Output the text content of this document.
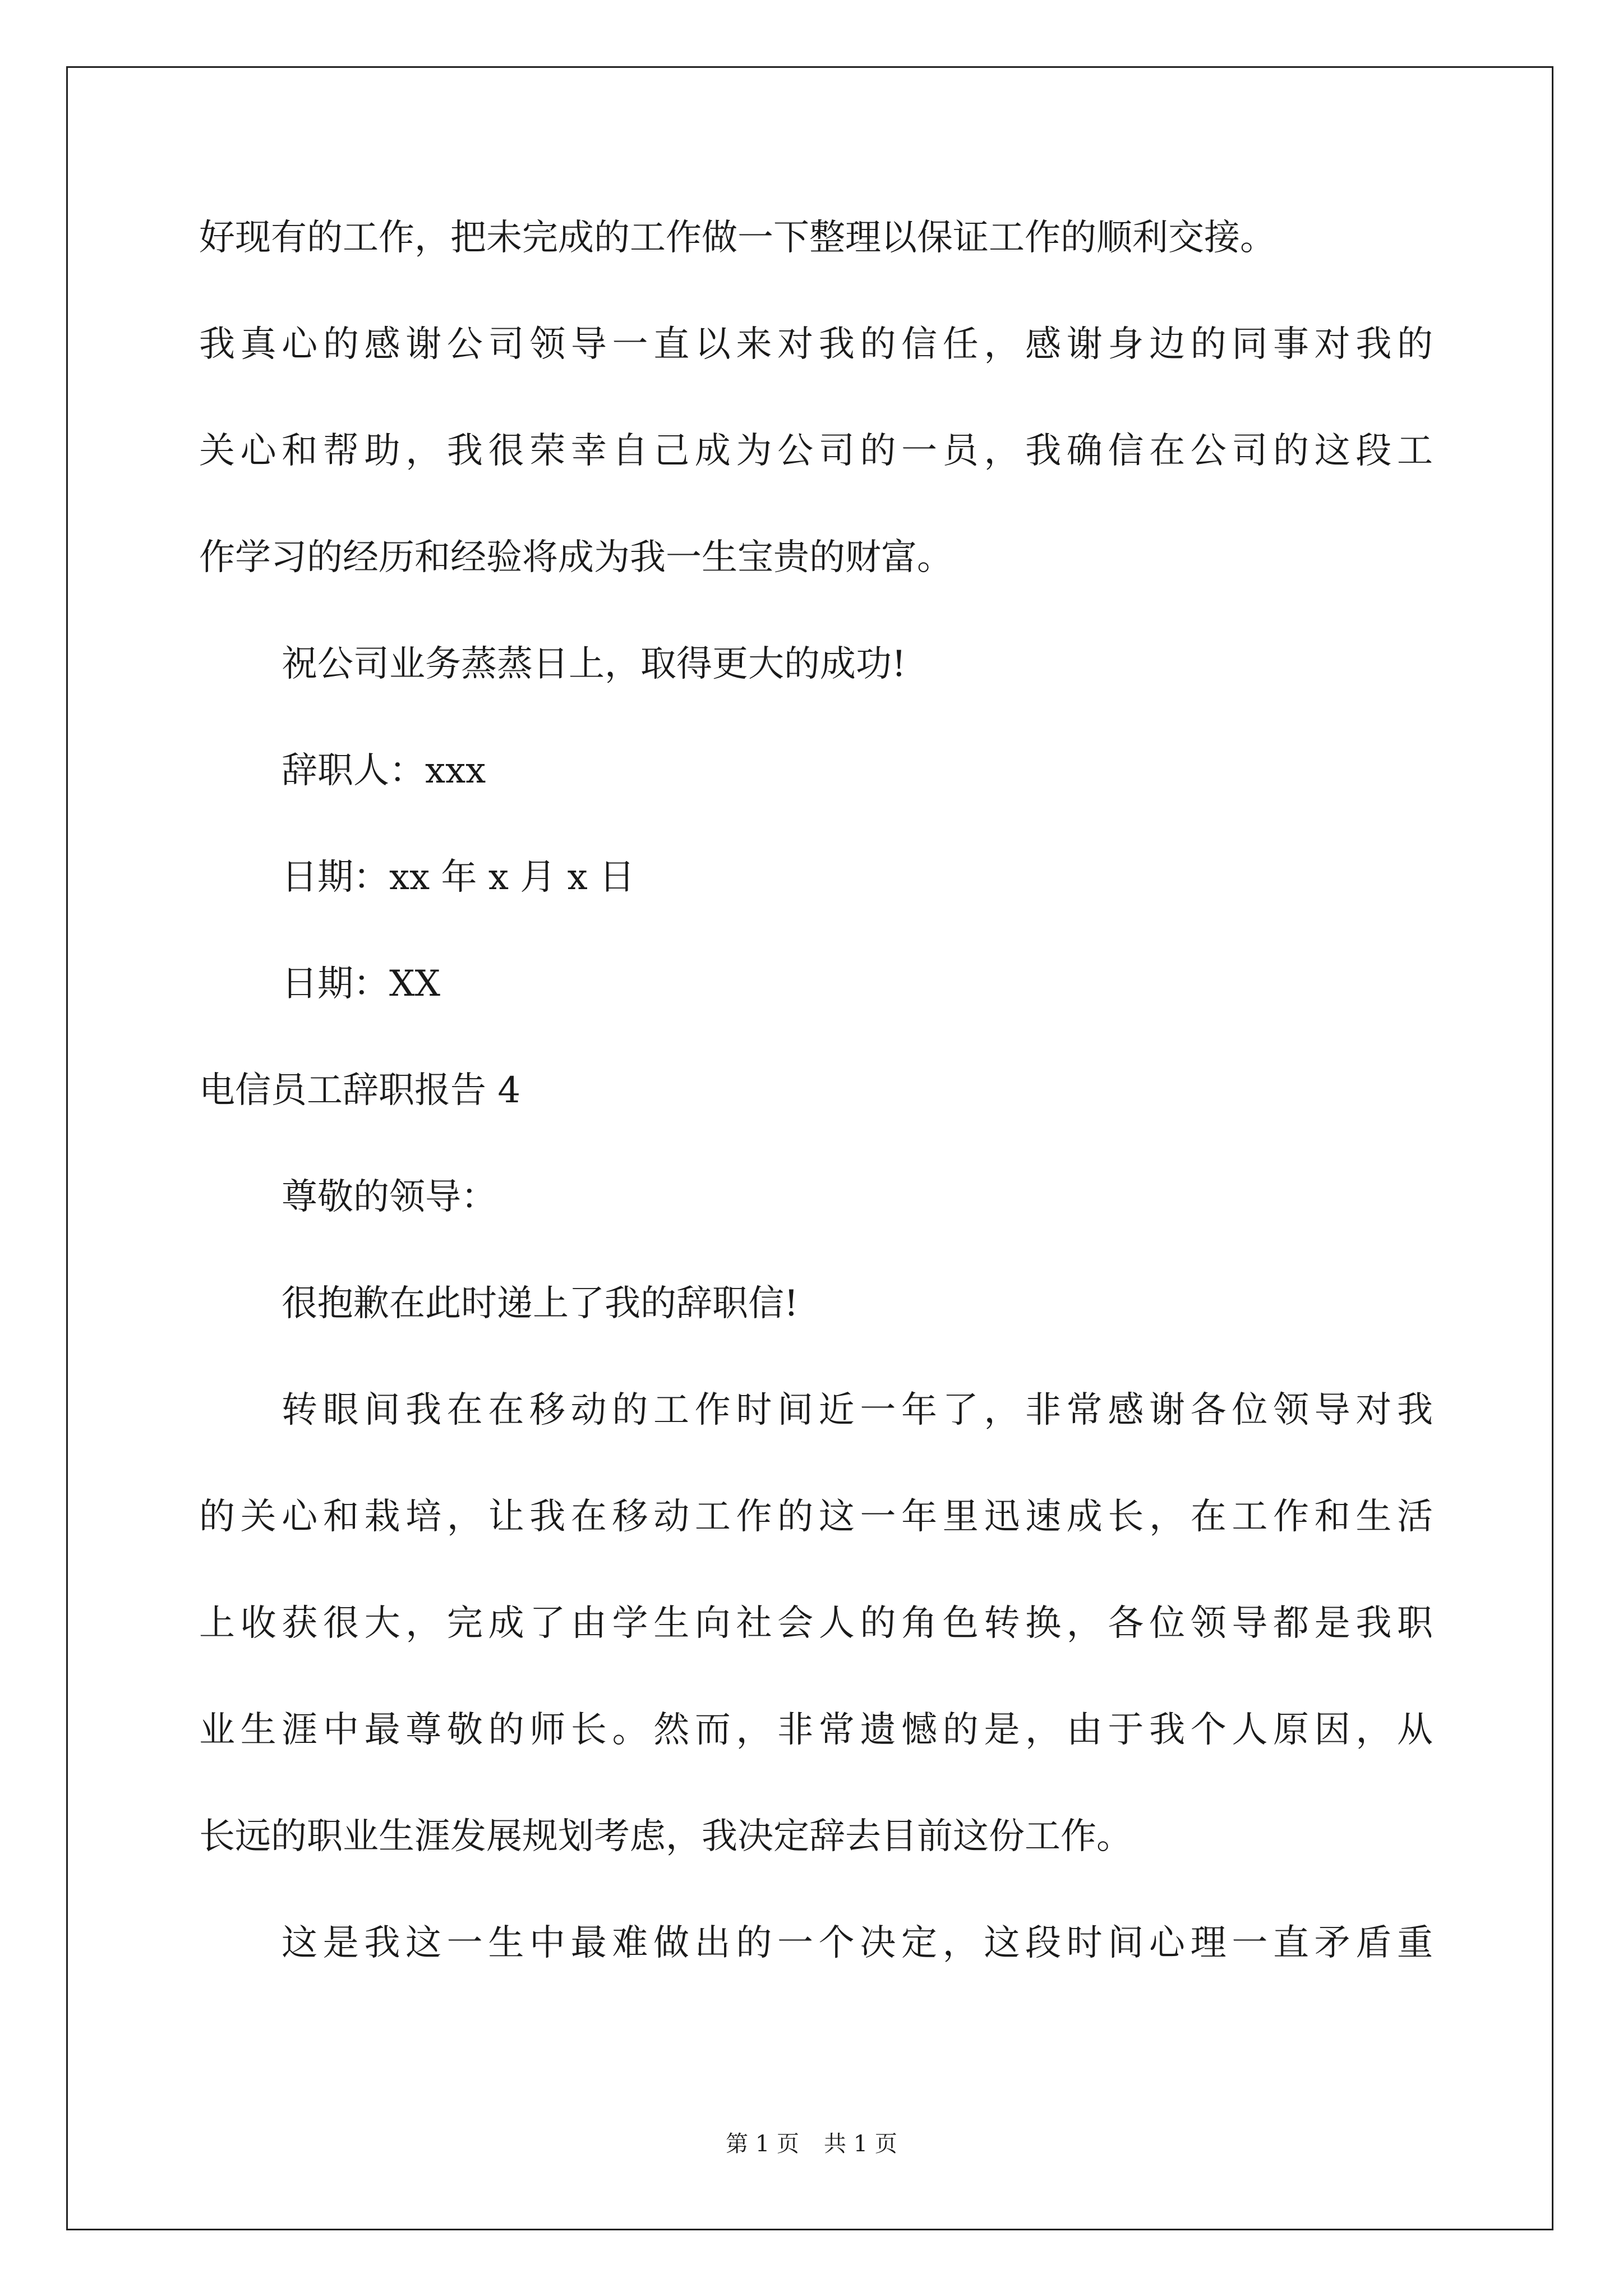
好现有的工作，把未完成的工作做一下整理以保证工作的顺利交接。
我真心的感谢公司领导一直以来对我的信任，感谢身边的同事对我的
关心和帮助，我很荣幸自己成为公司的一员，我确信在公司的这段工
作学习的经历和经验将成为我一生宝贵的财富。
祝公司业务蒸蒸日上，取得更大的成功!
辞职人：xxx
日期：xx 年 x 月 x 日
日期：XX
电信员工辞职报告 4
尊敬的领导：
很抱歉在此时递上了我的辞职信!
转眼间我在在移动的工作时间近一年了，非常感谢各位领导对我
的关心和栽培，让我在移动工作的这一年里迅速成长，在工作和生活
上收获很大，完成了由学生向社会人的角色转换，各位领导都是我职
业生涯中最尊敬的师长。然而，非常遗憾的是，由于我个人原因，从
长远的职业生涯发展规划考虑，我决定辞去目前这份工作。
这是我这一生中最难做出的一个决定，这段时间心理一直矛盾重
第 1 页 共 1 页
